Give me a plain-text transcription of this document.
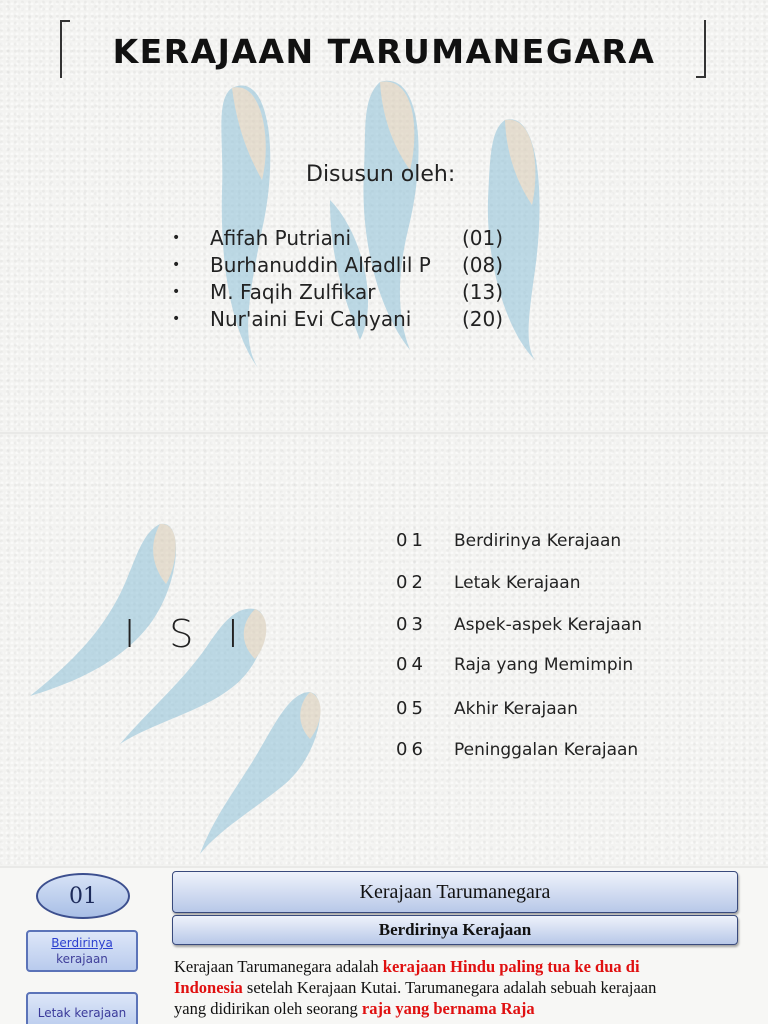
KERAJAAN TARUMANEGARA
Disusun oleh:
•	Afifah Putriani	(01)
•	Burhanuddin Alfadlil P	(08)
•	M. Faqih Zulfikar	(13)
•	Nur'aini Evi Cahyani	(20)
I S I
01	Berdirinya Kerajaan
02	Letak Kerajaan
03	Aspek-aspek Kerajaan
04	Raja yang Memimpin
05	Akhir Kerajaan
06	Peninggalan Kerajaan
01
Berdirinya
kerajaan
Letak kerajaan
Kerajaan Tarumanegara
Berdirinya Kerajaan

Kerajaan Tarumanegara adalah kerajaan Hindu paling tua ke dua di Indonesia setelah Kerajaan Kutai. Tarumanegara adalah sebuah kerajaan yang didirikan oleh seorang raja yang bernama Raja
